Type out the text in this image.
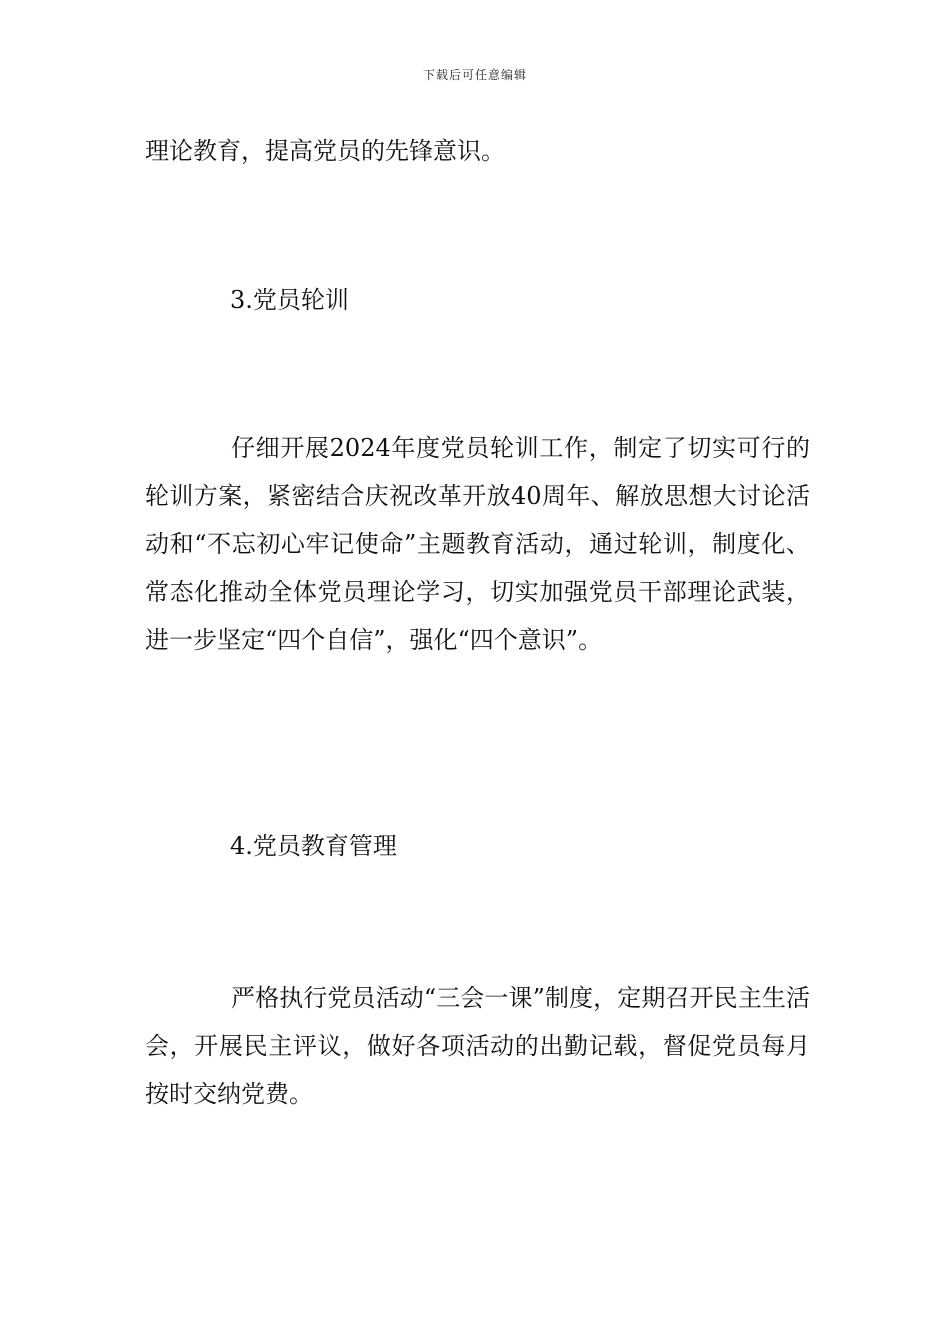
下载后可任意编辑

理论教育，提高党员的先锋意识。

3.党员轮训

仔细开展2024年度党员轮训工作，制定了切实可行的轮训方案，紧密结合庆祝改革开放40周年、解放思想大讨论活动和“不忘初心牢记使命”主题教育活动，通过轮训，制度化、常态化推动全体党员理论学习，切实加强党员干部理论武装，进一步坚定“四个自信”，强化“四个意识”。

4.党员教育管理

严格执行党员活动“三会一课”制度，定期召开民主生活会，开展民主评议，做好各项活动的出勤记载，督促党员每月按时交纳党费。
